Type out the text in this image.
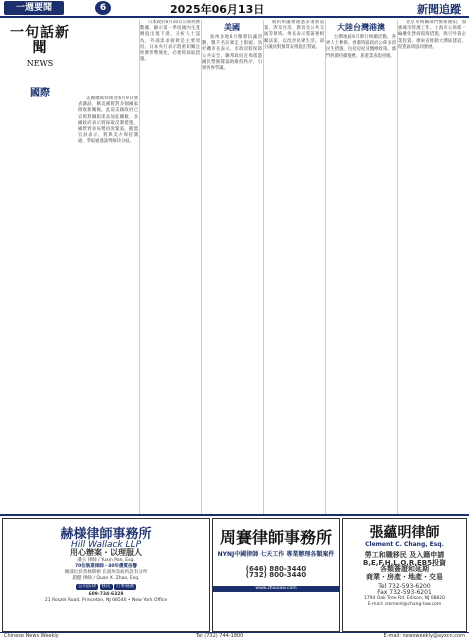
一週要聞	6	2025年06月13日	新聞追蹤
一句話新聞
NEWS
國際	美國總統特朗普6月9日發表講話，稱美國將對多個國家徵收新關稅。此前美國政府已宣佈對鋼鋁產品加征關稅。多國政府表示將採取反制措施，國際貿易局勢再度緊張。歐盟官員表示，將與美方保持溝通，爭取通過談判解決分歧。

日本政府6月10日公佈經濟數據，顯示第一季度國內生產總值出現下滑。分析人士認為，外部需求疲軟是主要原因。日本央行表示將密切關注經濟形勢變化，必要時採取措施。

美國

加州多地6月爆發抗議活動，數千名民眾走上街頭。洛杉磯市長表示，市政府將保障公共安全。聯邦政府宣佈派遣國民警衛隊協助維持秩序，引發各界爭議。

紐約州議會通過多項新法案，涉及住房、教育及公共交通等領域。州長表示將簽署相關法案，以改善民眾生活。部分議員對預算安排提出質疑。

大陸台灣港澳

台灣地區6月舉行相關活動，各界人士參與。香港特區政府公佈多項民生措施，包括房屋及醫療政策。澳門經濟持續復甦，旅遊業表現亮眼。

北京市相關部門發佈通知，加強城市管理工作。上海市公佈新一輪優化營商環境措施，吸引外資企業投資。廣東省推動大灣區建設，促進區域協同發展。

赫様律師事務所
Hill Wallack LLP
用心辦案・以理服人
潘玉 律師 / Yuxin Pan, Esq.
70位執業律師・40年優質信譽
總部位於普林斯頓 在賓州及紐約設有分所
趙健 律師 / Quan X. Zhao, Esq.
公司法律 移民 行事辯護
609-734-6328
21 Roszel Road, Princeton, NJ 08540 • New York Office
周賽律師事務所
NYNJ中國律師 七天工作 專業辦理各類案件
(646) 880-3440
(732) 800-3440
www.zhoulaw.com
張蘊明律師
Clement C. Chang, Esq.
勞工和職移民 及入籍申請
B,E,F,H,L,O,R,EB5投資
各類簽證和延期
商業・房產・地產・交易
Tel 732-593-6200
Fax 732-593-6201
1794 Oak Tree Rd. Edison, NJ 08820
E-mail: clement@chang-law.com
Chinese News Weekly	Tel (732) 744-1800	E-mail: newsweekly@ayxcn.com
